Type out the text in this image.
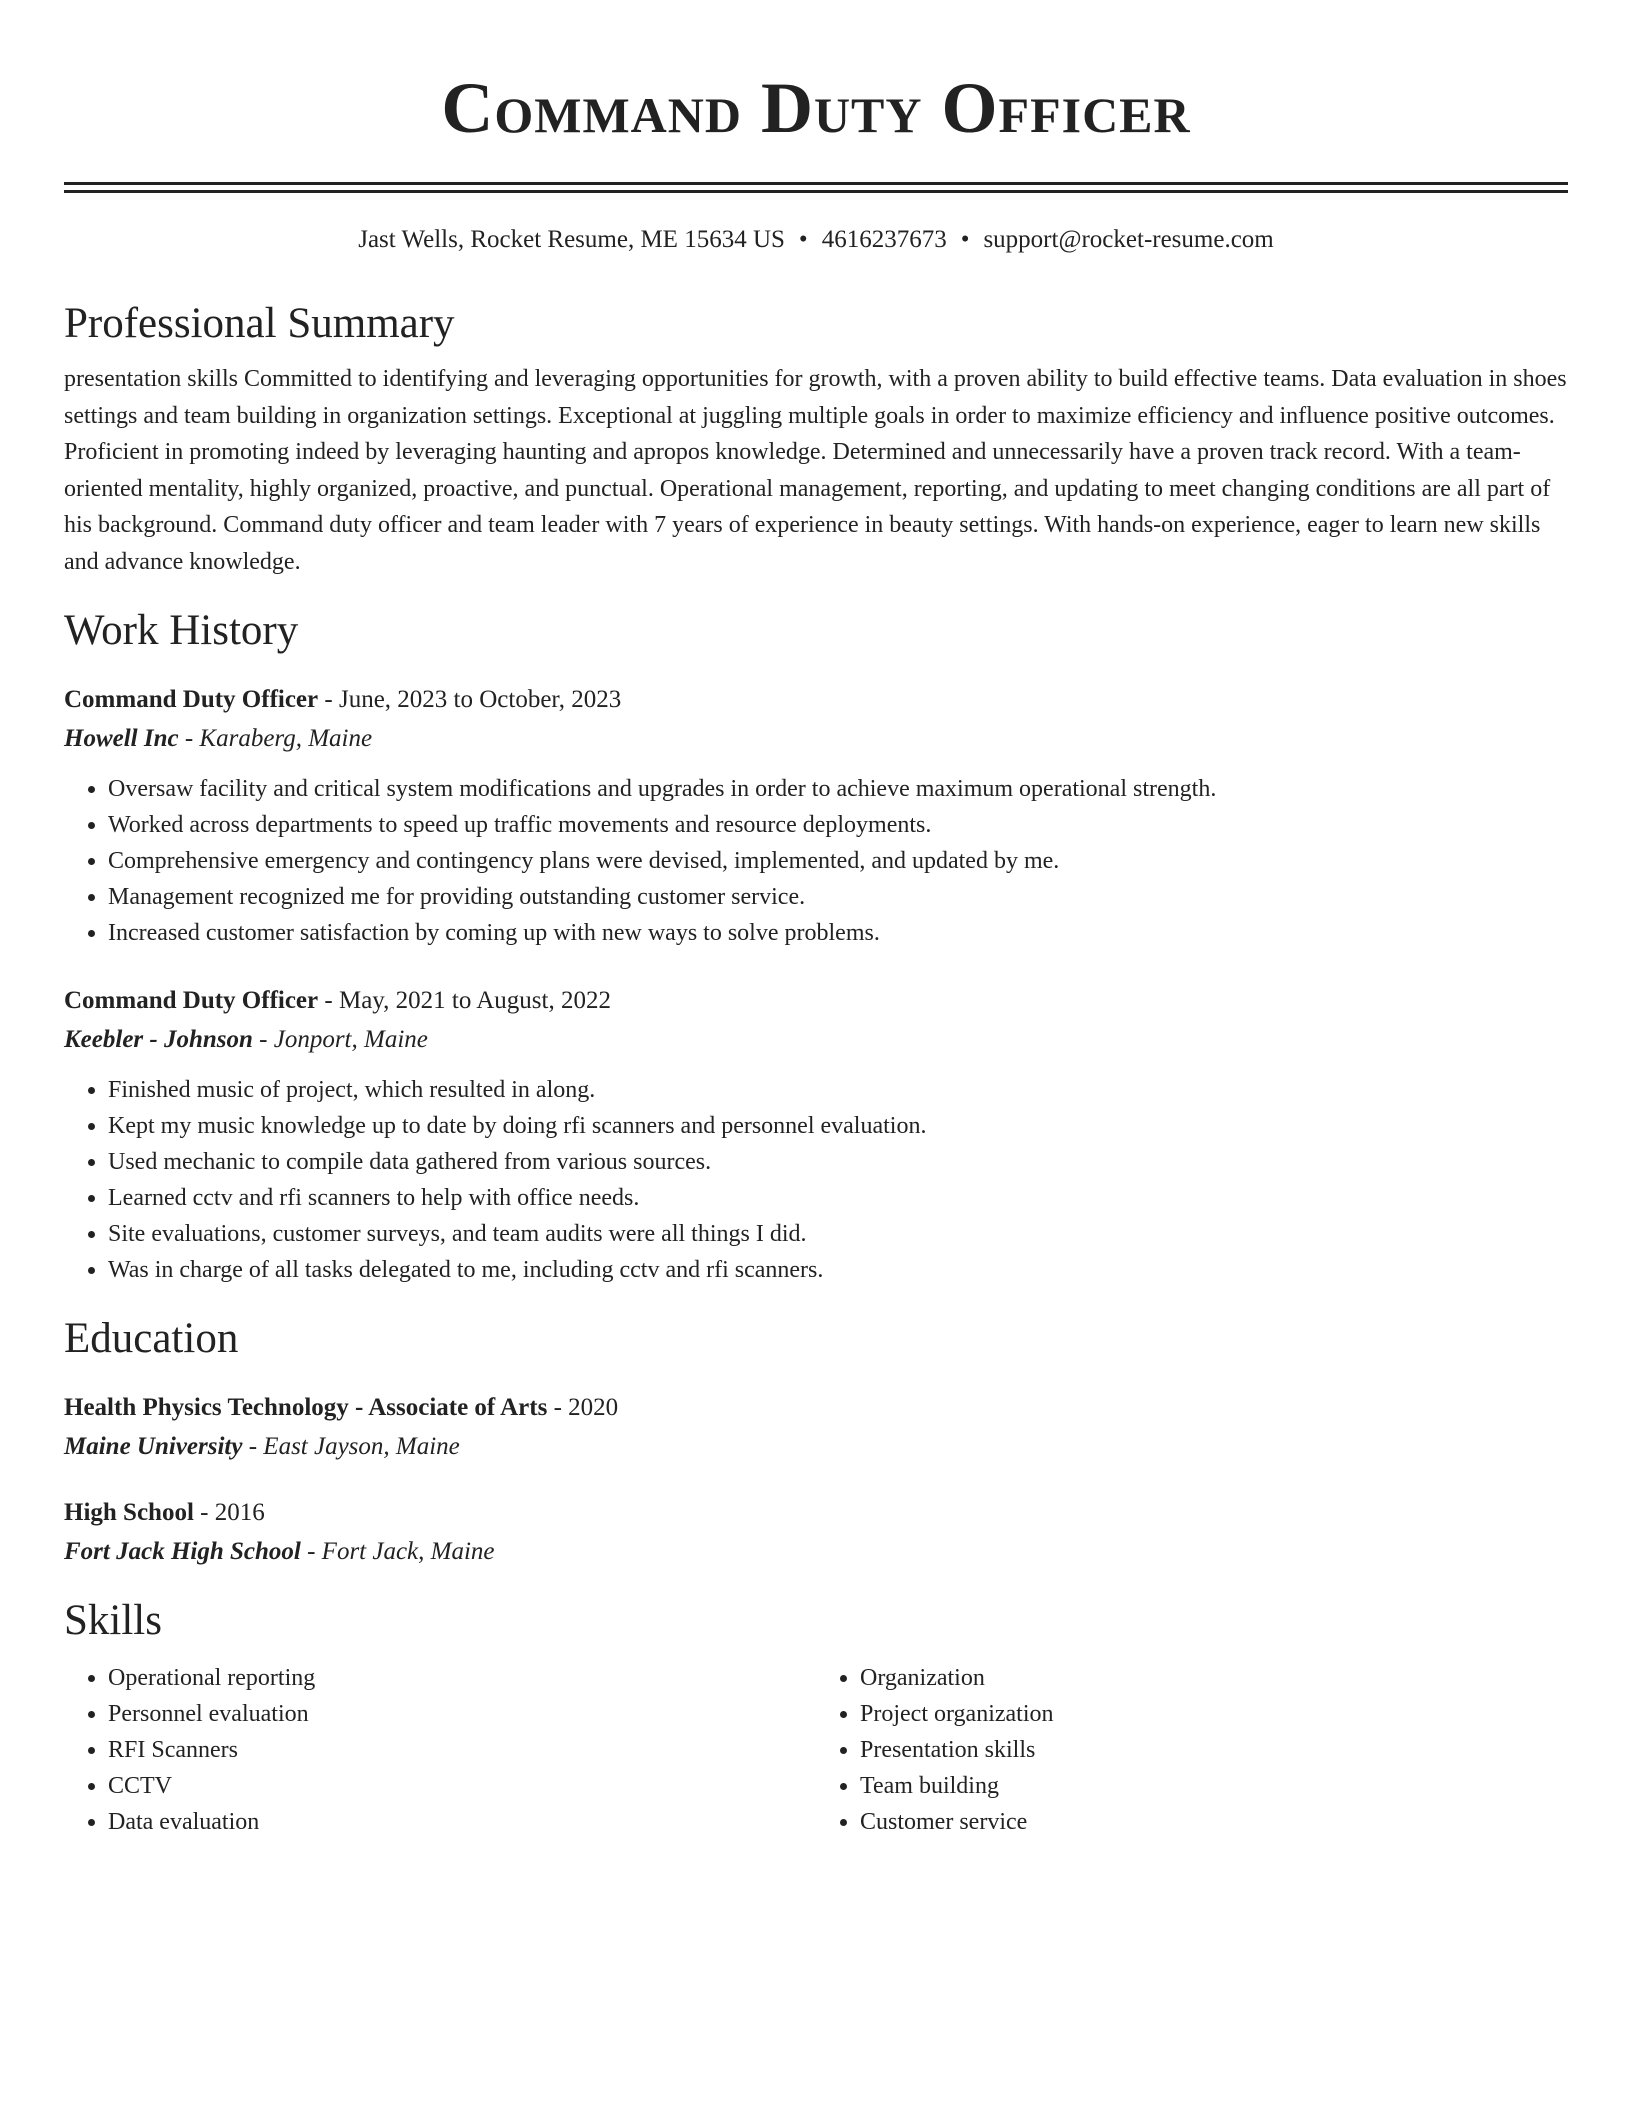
Command Duty Officer
Jast Wells, Rocket Resume, ME 15634 US • 4616237673 • support@rocket-resume.com
Professional Summary
presentation skills Committed to identifying and leveraging opportunities for growth, with a proven ability to build effective teams. Data evaluation in shoes settings and team building in organization settings. Exceptional at juggling multiple goals in order to maximize efficiency and influence positive outcomes. Proficient in promoting indeed by leveraging haunting and apropos knowledge. Determined and unnecessarily have a proven track record. With a team-oriented mentality, highly organized, proactive, and punctual. Operational management, reporting, and updating to meet changing conditions are all part of his background. Command duty officer and team leader with 7 years of experience in beauty settings. With hands-on experience, eager to learn new skills and advance knowledge.
Work History
Command Duty Officer - June, 2023 to October, 2023
Howell Inc - Karaberg, Maine
• Oversaw facility and critical system modifications and upgrades in order to achieve maximum operational strength.
• Worked across departments to speed up traffic movements and resource deployments.
• Comprehensive emergency and contingency plans were devised, implemented, and updated by me.
• Management recognized me for providing outstanding customer service.
• Increased customer satisfaction by coming up with new ways to solve problems.
Command Duty Officer - May, 2021 to August, 2022
Keebler - Johnson - Jonport, Maine
• Finished music of project, which resulted in along.
• Kept my music knowledge up to date by doing rfi scanners and personnel evaluation.
• Used mechanic to compile data gathered from various sources.
• Learned cctv and rfi scanners to help with office needs.
• Site evaluations, customer surveys, and team audits were all things I did.
• Was in charge of all tasks delegated to me, including cctv and rfi scanners.
Education
Health Physics Technology - Associate of Arts - 2020
Maine University - East Jayson, Maine
High School - 2016
Fort Jack High School - Fort Jack, Maine
Skills
• Operational reporting
• Personnel evaluation
• RFI Scanners
• CCTV
• Data evaluation
• Organization
• Project organization
• Presentation skills
• Team building
• Customer service
